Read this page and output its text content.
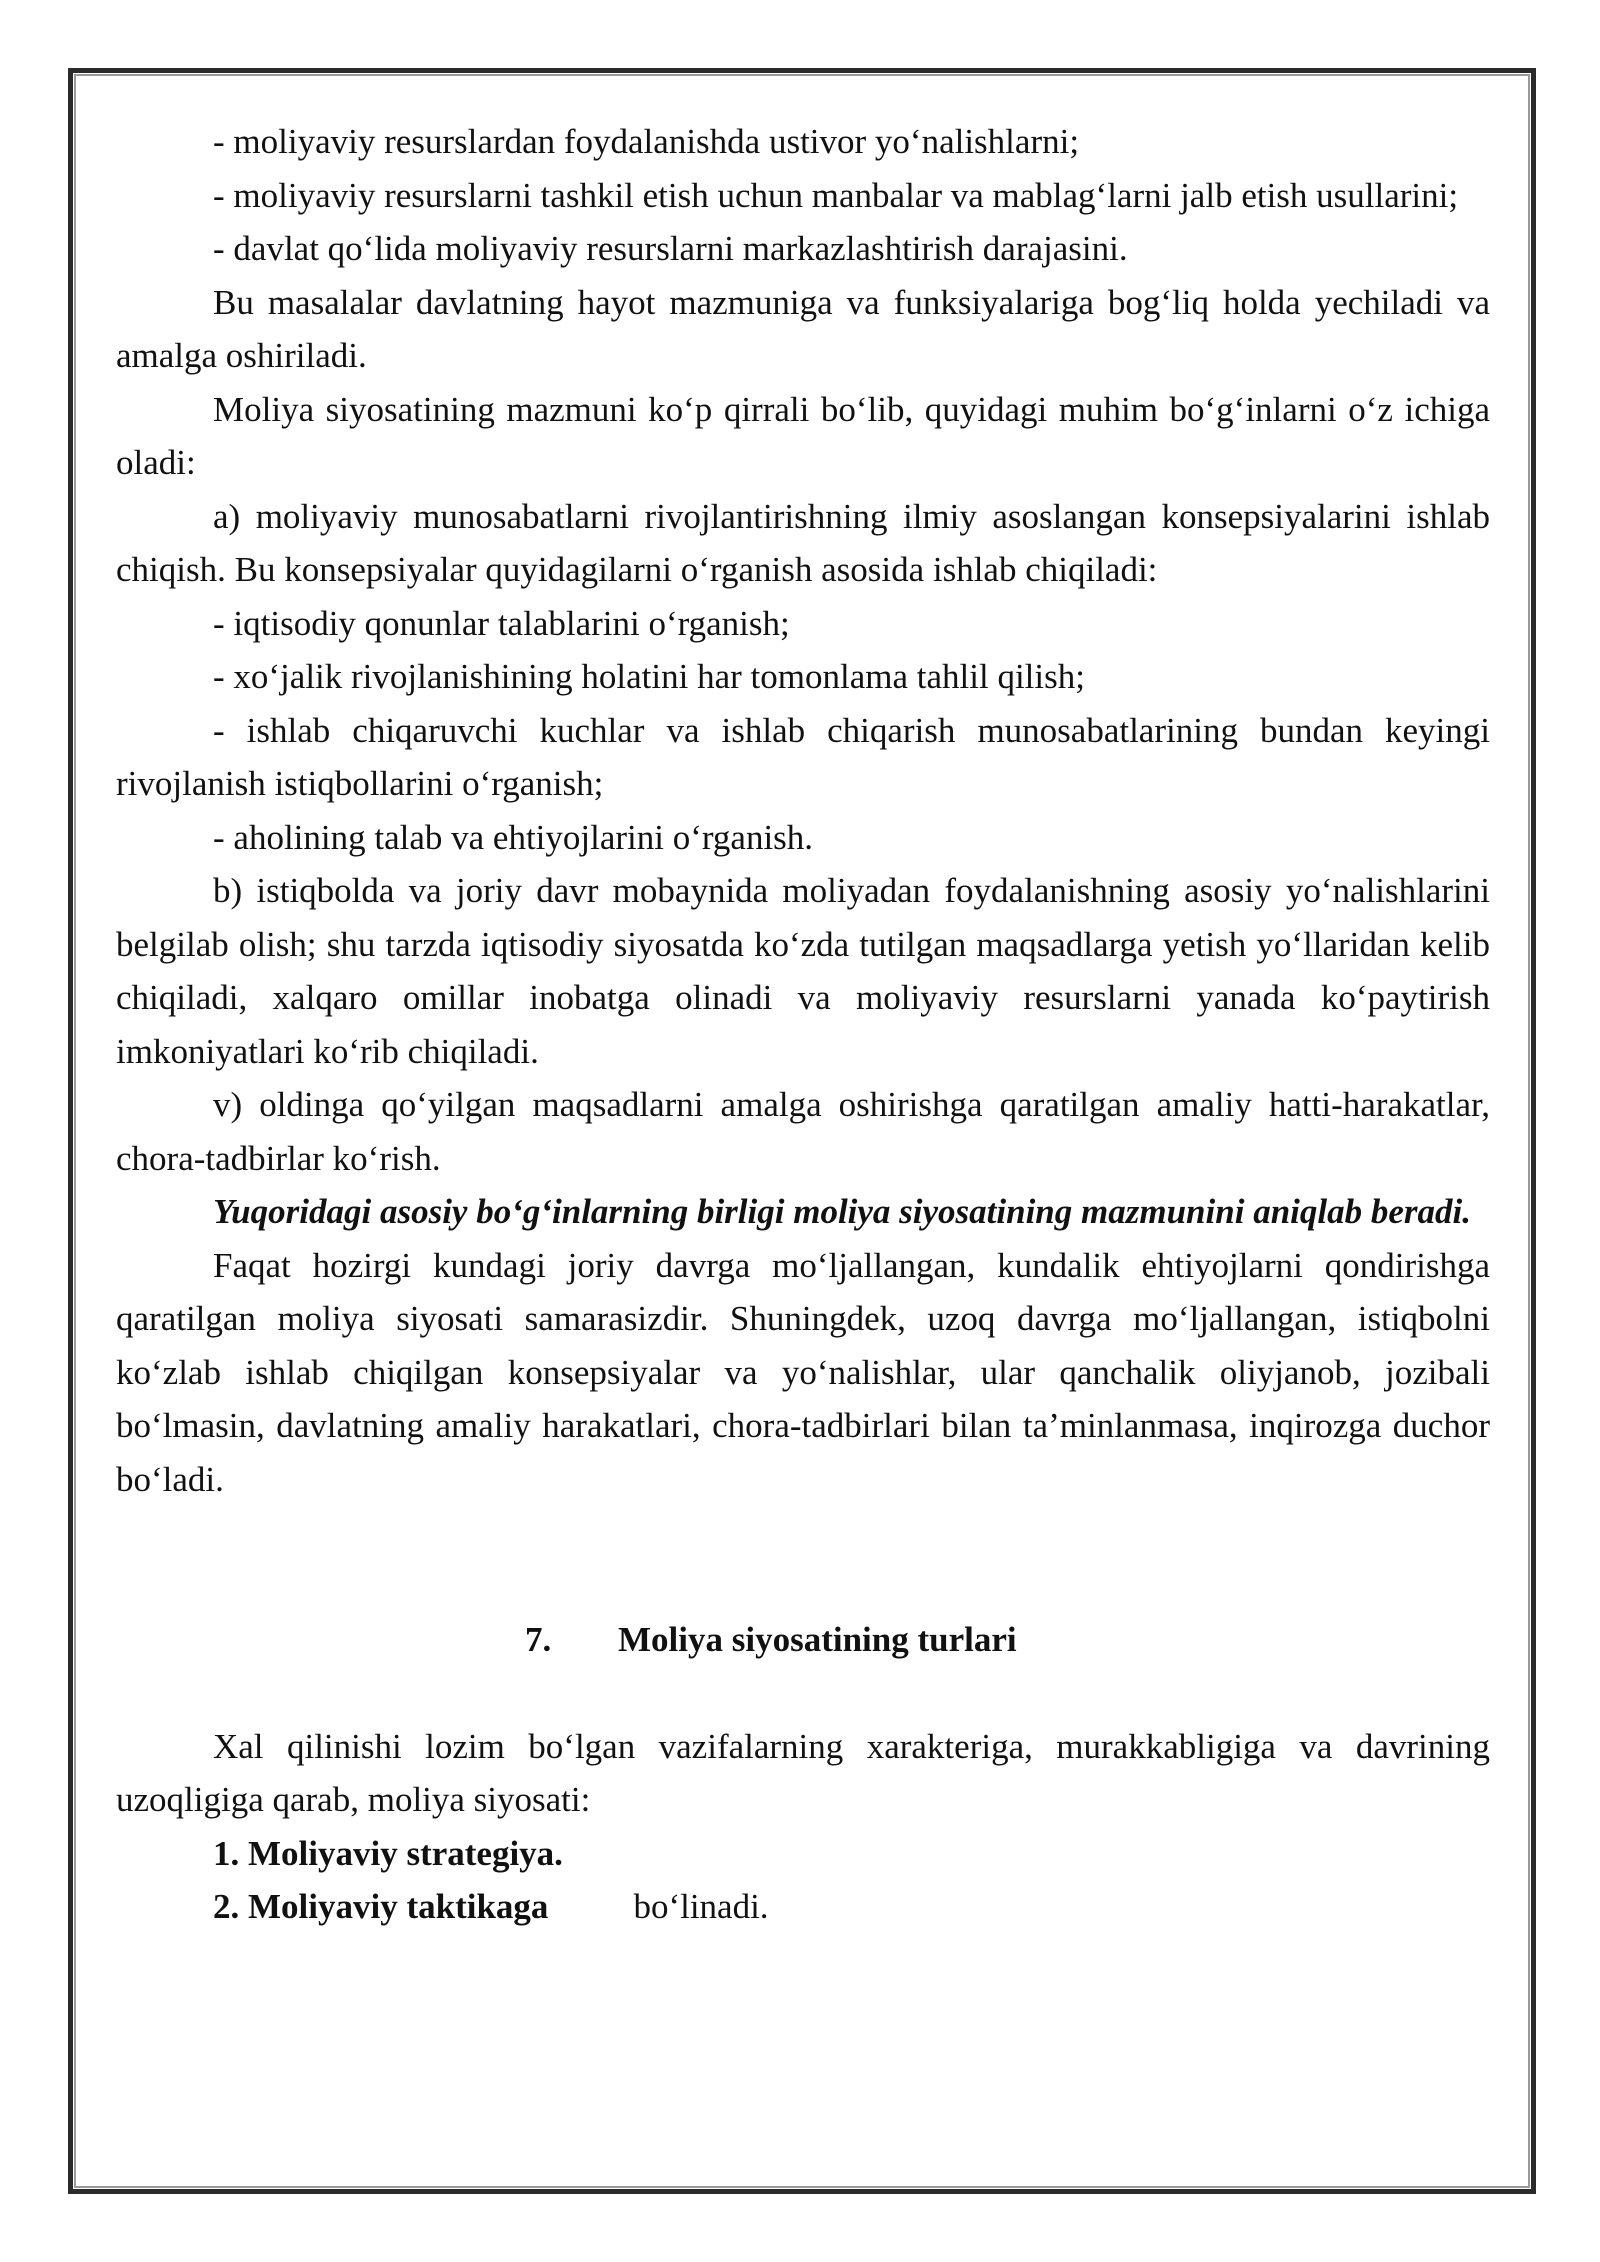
- moliyaviy resurslardan foydalanishda ustivor yo‘nalishlarni;

- moliyaviy resurslarni tashkil etish uchun manbalar va mablag‘larni jalb etish usullarini;

- davlat qo‘lida moliyaviy resurslarni markazlashtirish darajasini.

Bu masalalar davlatning hayot mazmuniga va funksiyalariga bog‘liq holda yechiladi va amalga oshiriladi.

Moliya siyosatining mazmuni ko‘p qirrali bo‘lib, quyidagi muhim bo‘g‘inlarni o‘z ichiga oladi:

a) moliyaviy munosabatlarni rivojlantirishning ilmiy asoslangan konsepsiyalarini ishlab chiqish. Bu konsepsiyalar quyidagilarni o‘rganish asosida ishlab chiqiladi:

- iqtisodiy qonunlar talablarini o‘rganish;

- xo‘jalik rivojlanishining holatini har tomonlama tahlil qilish;

- ishlab chiqaruvchi kuchlar va ishlab chiqarish munosabatlarining bundan keyingi rivojlanish istiqbollarini o‘rganish;

- aholining talab va ehtiyojlarini o‘rganish.

b) istiqbolda va joriy davr mobaynida moliyadan foydalanishning asosiy yo‘nalishlarini belgilab olish; shu tarzda iqtisodiy siyosatda ko‘zda tutilgan maqsadlarga yetish yo‘llaridan kelib chiqiladi, xalqaro omillar inobatga olinadi va moliyaviy resurslarni yanada ko‘paytirish imkoniyatlari ko‘rib chiqiladi.

v) oldinga qo‘yilgan maqsadlarni amalga oshirishga qaratilgan amaliy hatti-harakatlar, chora-tadbirlar ko‘rish.

Yuqoridagi asosiy bo‘g‘inlarning birligi moliya siyosatining mazmunini aniqlab beradi.

Faqat hozirgi kundagi joriy davrga mo‘ljallangan, kundalik ehtiyojlarni qondirishga qaratilgan moliya siyosati samarasizdir. Shuningdek, uzoq davrga mo‘ljallangan, istiqbolni ko‘zlab ishlab chiqilgan konsepsiyalar va yo‘nalishlar, ular qanchalik oliyjanob, jozibali bo‘lmasin, davlatning amaliy harakatlari, chora-tadbirlari bilan ta’minlanmasa, inqirozga duchor bo‘ladi.

7. Moliya siyosatining turlari

Xal qilinishi lozim bo‘lgan vazifalarning xarakteriga, murakkabligiga va davrining uzoqligiga qarab, moliya siyosati:

1. Moliyaviy strategiya.

2. Moliyaviy taktikaga bo‘linadi.
